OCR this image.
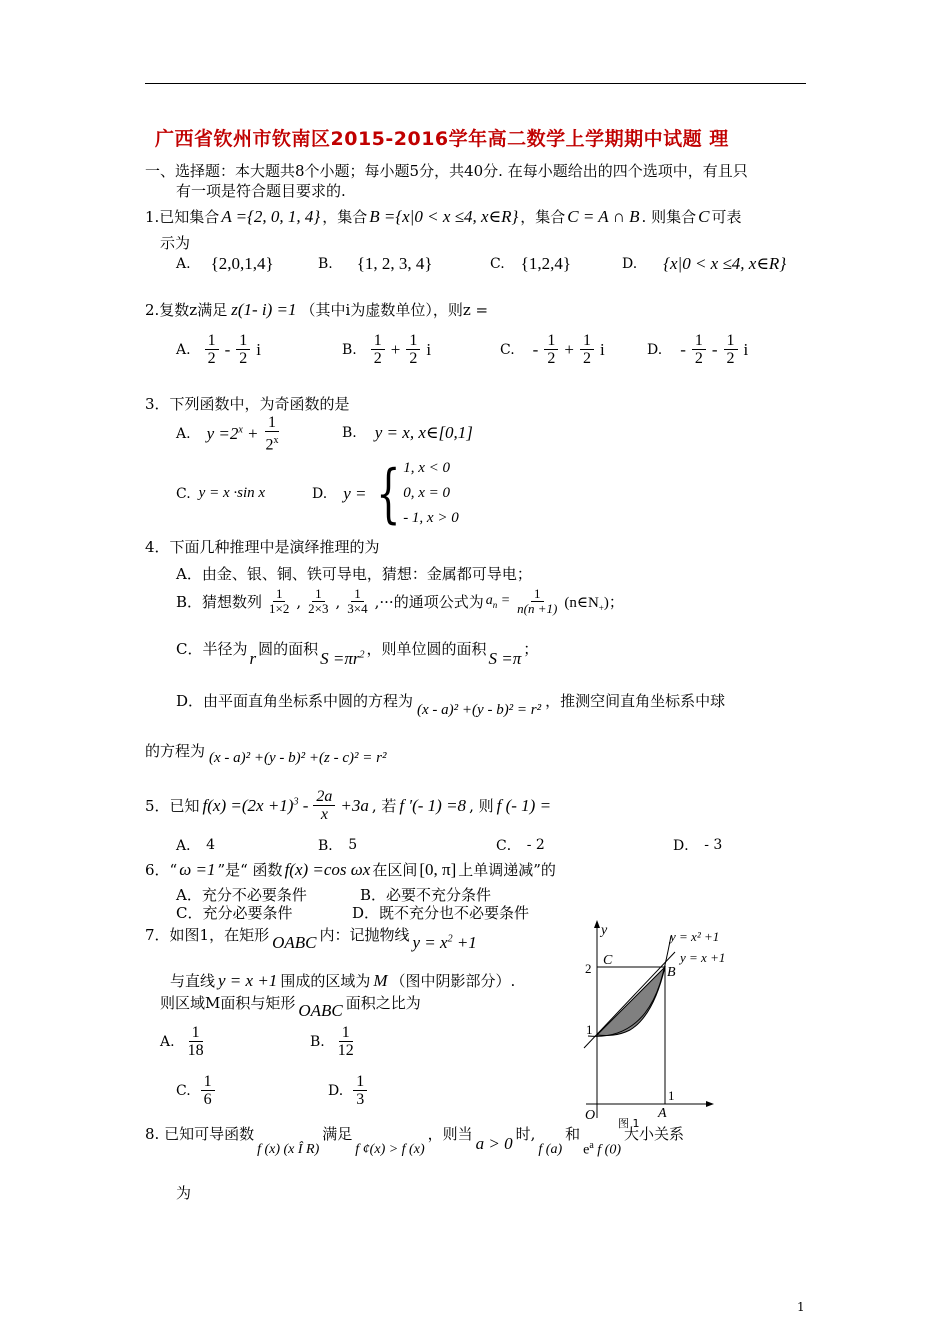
广西省钦州市钦南区2015-2016学年高二数学上学期期中试题 理
一、选择题：本大题共8个小题；每小题5分，共40分. 在每小题给出的四个选项中，有且只
有一项是符合题目要求的.
1.已知集合 A ={2, 0, 1, 4} ，集合 B ={x|0 < x ≤4, x∈R} ，集合 C = A ∩ B . 则集合 C 可表
示为
A. {2,0,1,4}	B. {1, 2, 3, 4}	C. {1,2,4}	D. {x|0 < x ≤4, x∈R}
2.复数z满足 z(1- i) =1 （其中i为虚数单位），则z =
A. $\frac{1}{2} - \frac{1}{2}$ i	B. $\frac{1}{2} + \frac{1}{2}$ i	C. - $\frac{1}{2} + \frac{1}{2}$ i	D. - $\frac{1}{2} - \frac{1}{2}$ i
3．下列函数中，为奇函数的是
A. $y =2^x + \frac{1}{2^x}$	B. y = x, x∈[0,1]
C. y = x ·sin x	D. y = { 1, x < 0
0, x = 0
- 1, x > 0
4．下面几种推理中是演绎推理的为
A．由金、银、铜、铁可导电，猜想：金属都可导电；
B．猜想数列 $\frac{1}{1\times 2}$ , $\frac{1}{2\times 3}$ , $\frac{1}{3\times 4}$ ,···的通项公式为 $a_n = \frac{1}{n(n +1)}$ $(n\in N_+)$；
C．半径为 r 圆的面积 $S =\pi r^2$ ，则单位圆的面积 S =π ；
D．由平面直角坐标系中圆的方程为 (x - a)² +(y - b)² = r² ，推测空间直角坐标系中球
的方程为 (x - a)² +(y - b)² +(z - c)² = r²
5．已知 $f(x) =(2x +1)^3 - \frac{2a}{x} +3a$ , 若 f ′(- 1) =8 , 则 f (- 1) =
A． 4	B． 5	C． - 2	D． - 3
6．“ ω =1 ”是“ 函数 f(x) =cos ωx 在区间 [0, π] 上单调递减”的
A．充分不必要条件	B．必要不充分条件
C．充分必要条件	D．既不充分也不必要条件
7．如图1，在矩形 OABC 内：记抛物线 $y = x^2 +1$
与直线 y = x +1 围成的区域为 M （图中阴影部分）.
则区域M面积与矩形 OABC 面积之比为
A. $\frac{1}{18}$	B. $\frac{1}{12}$
C. $\frac{1}{6}$	D. $\frac{1}{3}$
y	y = x² +1
y = x +1
C
B
2
1
1
O	A
图 1
8. 已知可导函数
f (x) (x Î R)
满足
f ¢(x) > f (x)
，则当 a > 0 时,
f (a)
和
$e^a$ f (0)
大小关系
为
1
